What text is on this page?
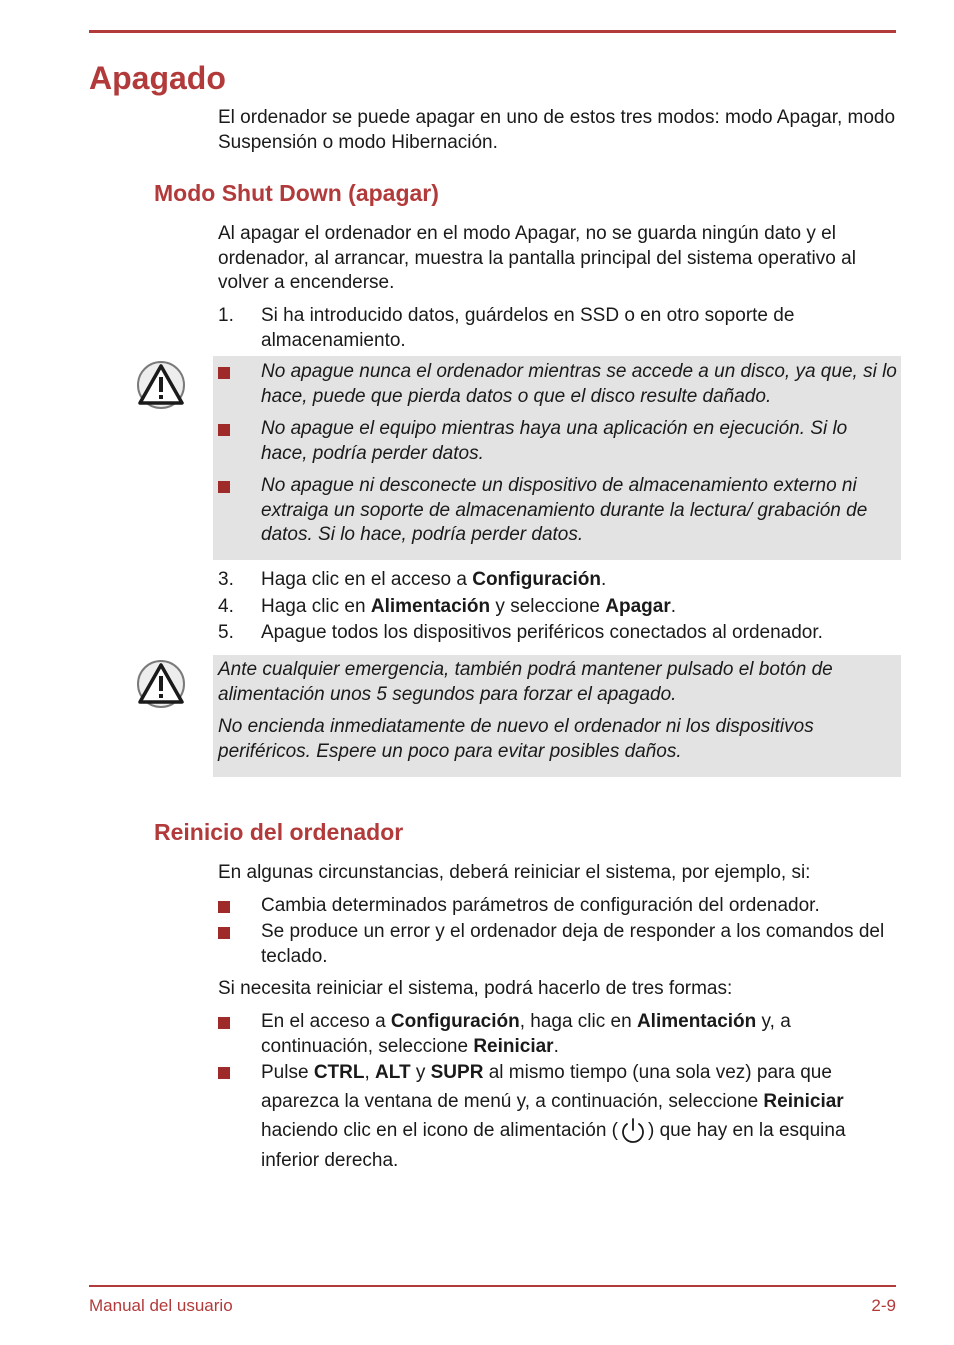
Apagado

El ordenador se puede apagar en uno de estos tres modos: modo Apagar, modo Suspensión o modo Hibernación.

Modo Shut Down (apagar)

Al apagar el ordenador en el modo Apagar, no se guarda ningún dato y el ordenador, al arrancar, muestra la pantalla principal del sistema operativo al volver a encenderse.

1. Si ha introducido datos, guárdelos en SSD o en otro soporte de almacenamiento.
No apague nunca el ordenador mientras se accede a un disco, ya que, si lo hace, puede que pierda datos o que el disco resulte dañado.
No apague el equipo mientras haya una aplicación en ejecución. Si lo hace, podría perder datos.
No apague ni desconecte un dispositivo de almacenamiento externo ni extraiga un soporte de almacenamiento durante la lectura/ grabación de datos. Si lo hace, podría perder datos.
3. Haga clic en el acceso a Configuración.
4. Haga clic en Alimentación y seleccione Apagar.
5. Apague todos los dispositivos periféricos conectados al ordenador.

Ante cualquier emergencia, también podrá mantener pulsado el botón de alimentación unos 5 segundos para forzar el apagado.

No encienda inmediatamente de nuevo el ordenador ni los dispositivos periféricos. Espere un poco para evitar posibles daños.

Reinicio del ordenador

En algunas circunstancias, deberá reiniciar el sistema, por ejemplo, si:

Cambia determinados parámetros de configuración del ordenador.
Se produce un error y el ordenador deja de responder a los comandos del teclado.

Si necesita reiniciar el sistema, podrá hacerlo de tres formas:

En el acceso a Configuración, haga clic en Alimentación y, a continuación, seleccione Reiniciar.
Pulse CTRL, ALT y SUPR al mismo tiempo (una sola vez) para que aparezca la ventana de menú y, a continuación, seleccione Reiniciar haciendo clic en el icono de alimentación ( ) que hay en la esquina inferior derecha.
Manual del usuario	2-9
